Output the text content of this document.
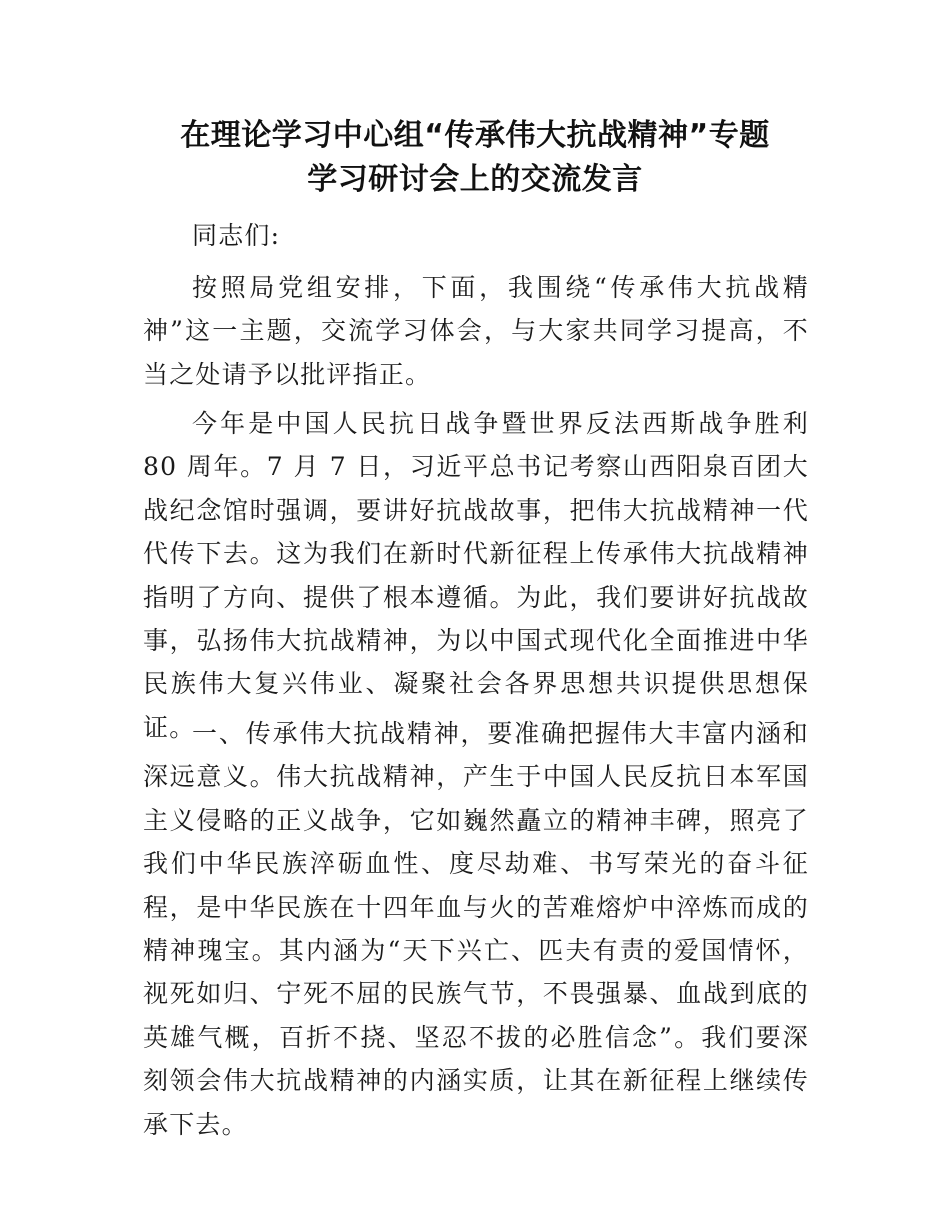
在理论学习中心组“传承伟大抗战精神”专题
学习研讨会上的交流发言

同志们:

按照局党组安排，下面，我围绕“传承伟大抗战精神”这一主题，交流学习体会，与大家共同学习提高，不当之处请予以批评指正。

今年是中国人民抗日战争暨世界反法西斯战争胜利 80 周年。7 月 7 日，习近平总书记考察山西阳泉百团大战纪念馆时强调，要讲好抗战故事，把伟大抗战精神一代代传下去。这为我们在新时代新征程上传承伟大抗战精神指明了方向、提供了根本遵循。为此，我们要讲好抗战故事，弘扬伟大抗战精神，为以中国式现代化全面推进中华民族伟大复兴伟业、凝聚社会各界思想共识提供思想保证。

一、传承伟大抗战精神，要准确把握伟大丰富内涵和深远意义。伟大抗战精神，产生于中国人民反抗日本军国主义侵略的正义战争，它如巍然矗立的精神丰碑，照亮了我们中华民族淬砺血性、度尽劫难、书写荣光的奋斗征程，是中华民族在十四年血与火的苦难熔炉中淬炼而成的精神瑰宝。其内涵为“天下兴亡、匹夫有责的爱国情怀，视死如归、宁死不屈的民族气节，不畏强暴、血战到底的英雄气概，百折不挠、坚忍不拔的必胜信念”。我们要深刻领会伟大抗战精神的内涵实质，让其在新征程上继续传承下去。
